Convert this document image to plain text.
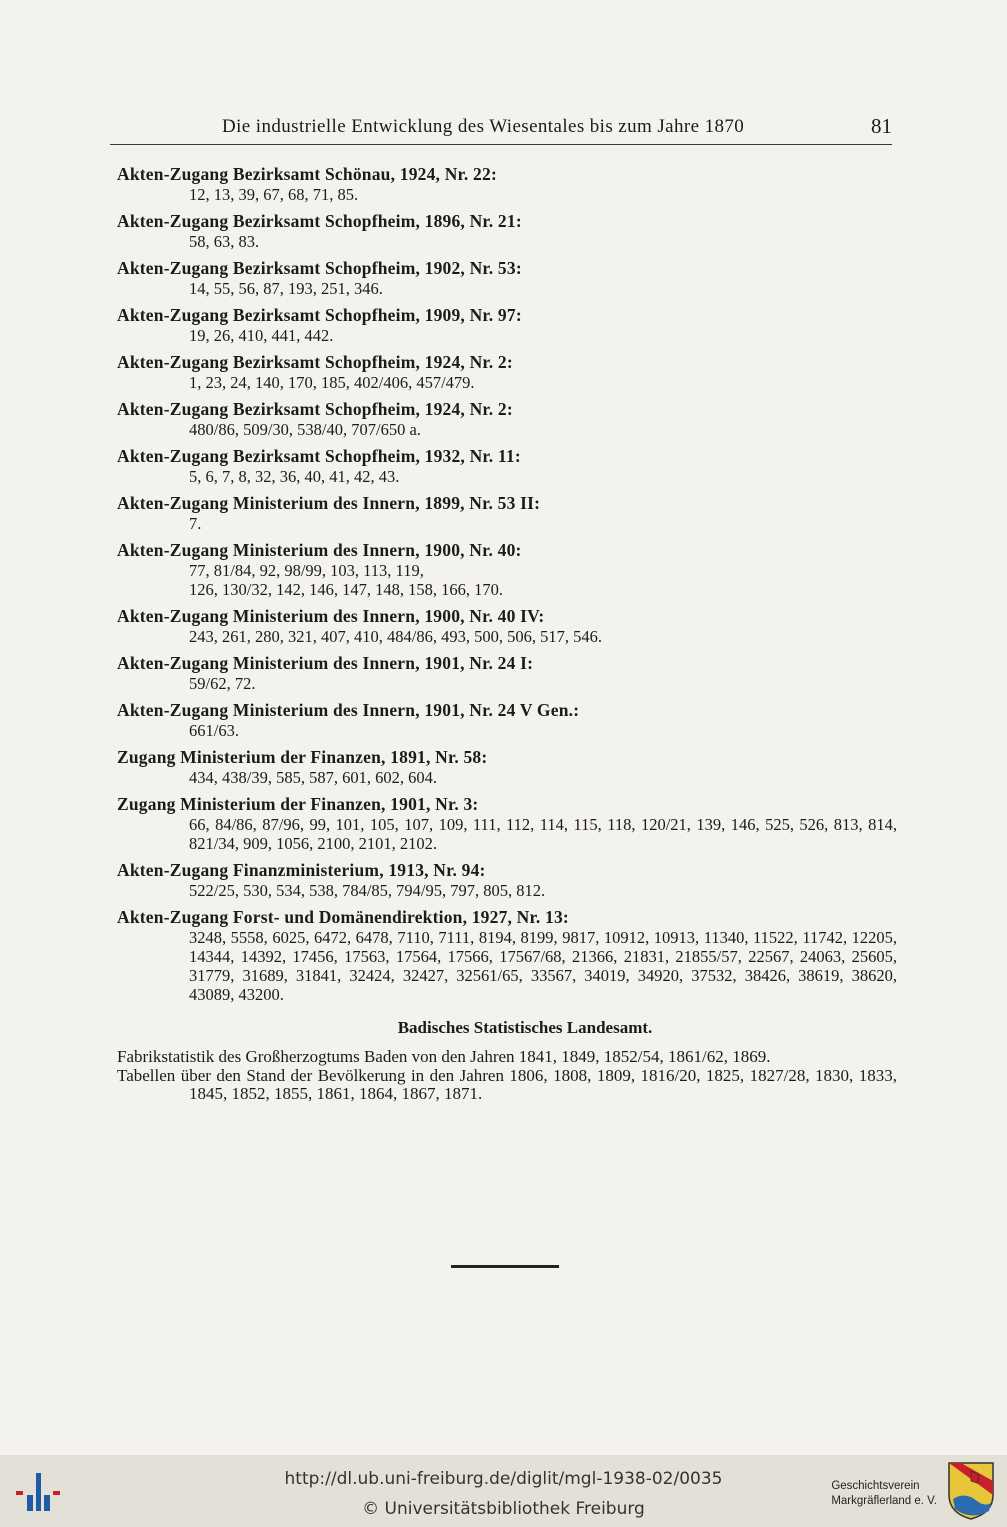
Die industrielle Entwicklung des Wiesentales bis zum Jahre 1870	81
Akten-Zugang Bezirksamt Schönau, 1924, Nr. 22:
12, 13, 39, 67, 68, 71, 85.
Akten-Zugang Bezirksamt Schopfheim, 1896, Nr. 21:
58, 63, 83.
Akten-Zugang Bezirksamt Schopfheim, 1902, Nr. 53:
14, 55, 56, 87, 193, 251, 346.
Akten-Zugang Bezirksamt Schopfheim, 1909, Nr. 97:
19, 26, 410, 441, 442.
Akten-Zugang Bezirksamt Schopfheim, 1924, Nr. 2:
1, 23, 24, 140, 170, 185, 402/406, 457/479.
Akten-Zugang Bezirksamt Schopfheim, 1924, Nr. 2:
480/86, 509/30, 538/40, 707/650 a.
Akten-Zugang Bezirksamt Schopfheim, 1932, Nr. 11:
5, 6, 7, 8, 32, 36, 40, 41, 42, 43.
Akten-Zugang Ministerium des Innern, 1899, Nr. 53 II:
7.
Akten-Zugang Ministerium des Innern, 1900, Nr. 40:
77, 81/84, 92, 98/99, 103, 113, 119,
126, 130/32, 142, 146, 147, 148, 158, 166, 170.
Akten-Zugang Ministerium des Innern, 1900, Nr. 40 IV:
243, 261, 280, 321, 407, 410, 484/86, 493, 500, 506, 517, 546.
Akten-Zugang Ministerium des Innern, 1901, Nr. 24 I:
59/62, 72.
Akten-Zugang Ministerium des Innern, 1901, Nr. 24 V Gen.:
661/63.
Zugang Ministerium der Finanzen, 1891, Nr. 58:
434, 438/39, 585, 587, 601, 602, 604.
Zugang Ministerium der Finanzen, 1901, Nr. 3:
66, 84/86, 87/96, 99, 101, 105, 107, 109, 111, 112, 114, 115, 118, 120/21, 139, 146, 525, 526, 813, 814, 821/34, 909, 1056, 2100, 2101, 2102.
Akten-Zugang Finanzministerium, 1913, Nr. 94:
522/25, 530, 534, 538, 784/85, 794/95, 797, 805, 812.
Akten-Zugang Forst- und Domänendirektion, 1927, Nr. 13:
3248, 5558, 6025, 6472, 6478, 7110, 7111, 8194, 8199, 9817, 10912, 10913, 11340, 11522, 11742, 12205, 14344, 14392, 17456, 17563, 17564, 17566, 17567/68, 21366, 21831, 21855/57, 22567, 24063, 25605, 31779, 31689, 31841, 32424, 32427, 32561/65, 33567, 34019, 34920, 37532, 38426, 38619, 38620, 43089, 43200.
Badisches Statistisches Landesamt.
Fabrikstatistik des Großherzogtums Baden von den Jahren 1841, 1849, 1852/54, 1861/62, 1869.
Tabellen über den Stand der Bevölkerung in den Jahren 1806, 1808, 1809, 1816/20, 1825, 1827/28, 1830, 1833, 1845, 1852, 1855, 1861, 1864, 1867, 1871.
http://dl.ub.uni-freiburg.de/diglit/mgl-1938-02/0035
© Universitätsbibliothek Freiburg
Geschichtsverein
Markgräflerland e. V.
